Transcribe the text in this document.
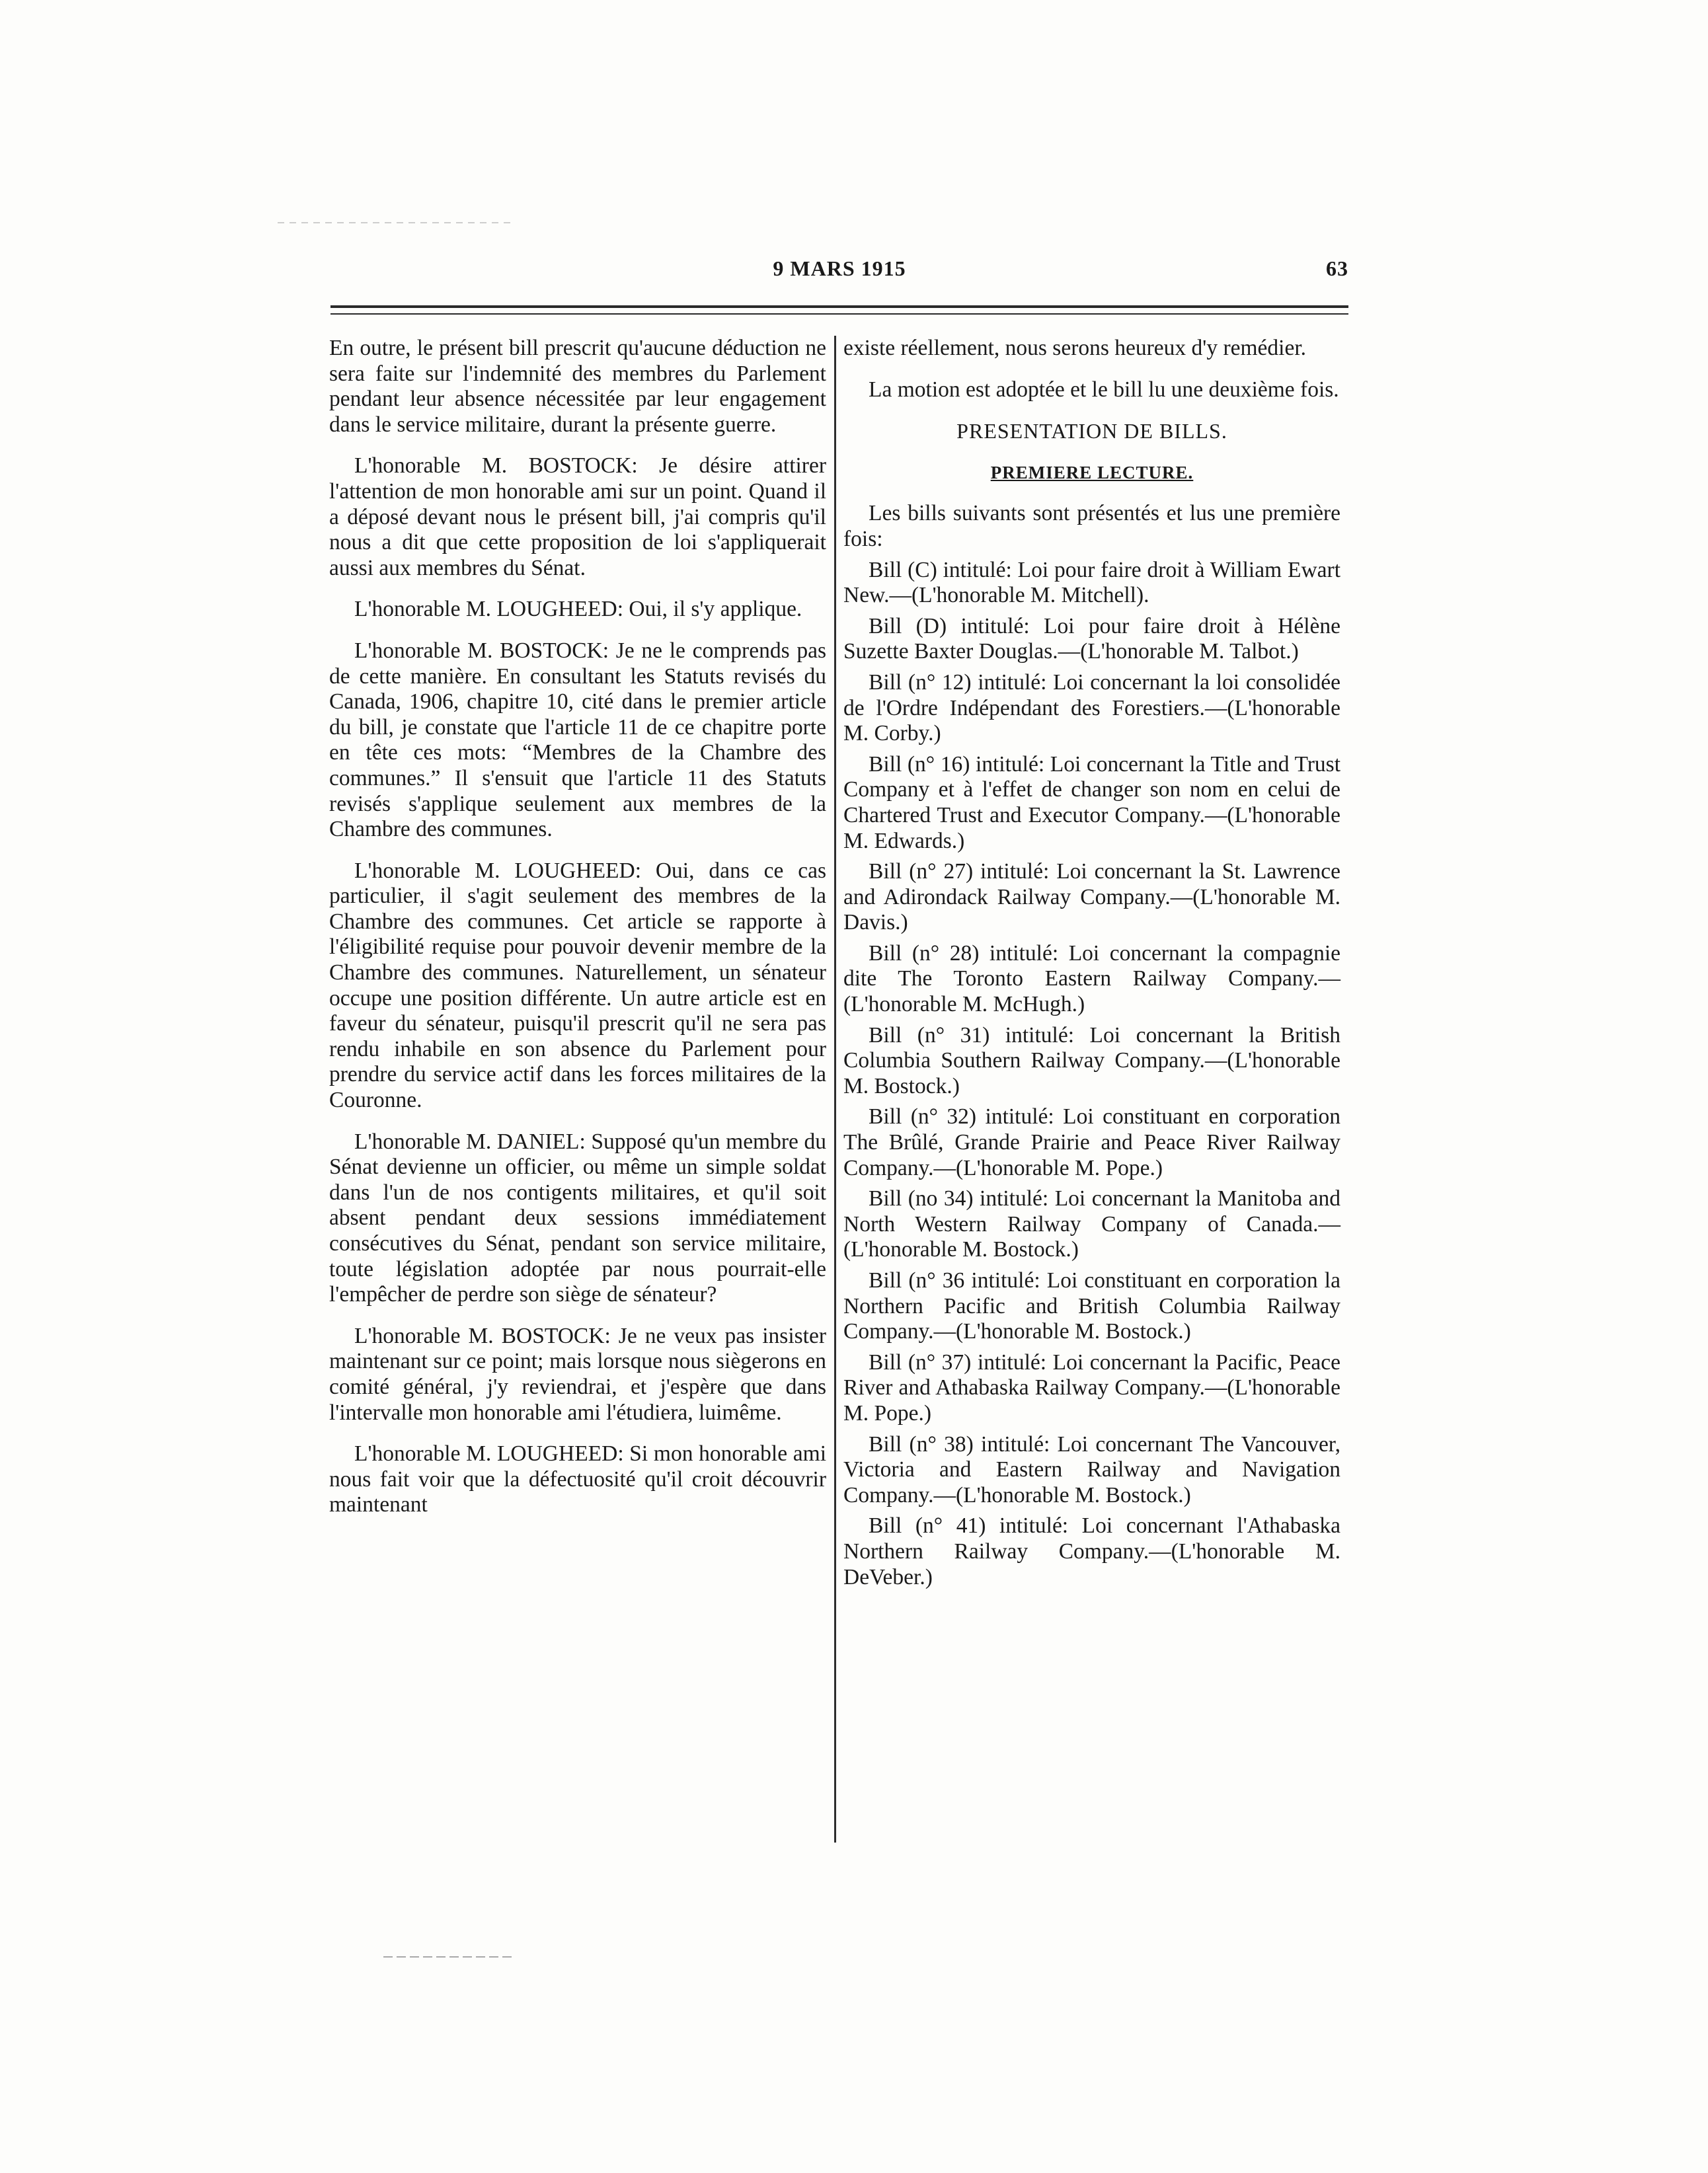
9 MARS 1915	63

En outre, le présent bill prescrit qu'aucune déduction ne sera faite sur l'indemnité des membres du Parlement pendant leur absence nécessitée par leur engagement dans le service militaire, durant la présente guerre.

L'honorable M. BOSTOCK: Je désire attirer l'attention de mon honorable ami sur un point. Quand il a déposé devant nous le présent bill, j'ai compris qu'il nous a dit que cette proposition de loi s'appliquerait aussi aux membres du Sénat.

L'honorable M. LOUGHEED: Oui, il s'y applique.

L'honorable M. BOSTOCK: Je ne le comprends pas de cette manière. En consultant les Statuts revisés du Canada, 1906, chapitre 10, cité dans le premier article du bill, je constate que l'article 11 de ce chapitre porte en tête ces mots: “Membres de la Chambre des communes.” Il s'ensuit que l'article 11 des Statuts revisés s'applique seulement aux membres de la Chambre des communes.

L'honorable M. LOUGHEED: Oui, dans ce cas particulier, il s'agit seulement des membres de la Chambre des communes. Cet article se rapporte à l'éligibilité requise pour pouvoir devenir membre de la Chambre des communes. Naturellement, un sénateur occupe une position différente. Un autre article est en faveur du sénateur, puisqu'il prescrit qu'il ne sera pas rendu inhabile en son absence du Parlement pour prendre du service actif dans les forces militaires de la Couronne.

L'honorable M. DANIEL: Supposé qu'un membre du Sénat devienne un officier, ou même un simple soldat dans l'un de nos contigents militaires, et qu'il soit absent pendant deux sessions immédiatement consécutives du Sénat, pendant son service militaire, toute législation adoptée par nous pourrait-elle l'empêcher de perdre son siège de sénateur?

L'honorable M. BOSTOCK: Je ne veux pas insister maintenant sur ce point; mais lorsque nous siègerons en comité général, j'y reviendrai, et j'espère que dans l'intervalle mon honorable ami l'étudiera, luimême.

L'honorable M. LOUGHEED: Si mon honorable ami nous fait voir que la défectuosité qu'il croit découvrir maintenant

existe réellement, nous serons heureux d'y remédier.

La motion est adoptée et le bill lu une deuxième fois.

PRESENTATION DE BILLS.

PREMIERE LECTURE.

Les bills suivants sont présentés et lus une première fois:

Bill (C) intitulé: Loi pour faire droit à William Ewart New.—(L'honorable M. Mitchell).

Bill (D) intitulé: Loi pour faire droit à Hélène Suzette Baxter Douglas.—(L'honorable M. Talbot.)

Bill (n° 12) intitulé: Loi concernant la loi consolidée de l'Ordre Indépendant des Forestiers.—(L'honorable M. Corby.)

Bill (n° 16) intitulé: Loi concernant la Title and Trust Company et à l'effet de changer son nom en celui de Chartered Trust and Executor Company.—(L'honorable M. Edwards.)

Bill (n° 27) intitulé: Loi concernant la St. Lawrence and Adirondack Railway Company.—(L'honorable M. Davis.)

Bill (n° 28) intitulé: Loi concernant la compagnie dite The Toronto Eastern Railway Company.—(L'honorable M. McHugh.)

Bill (n° 31) intitulé: Loi concernant la British Columbia Southern Railway Company.—(L'honorable M. Bostock.)

Bill (n° 32) intitulé: Loi constituant en corporation The Brûlé, Grande Prairie and Peace River Railway Company.—(L'honorable M. Pope.)

Bill (no 34) intitulé: Loi concernant la Manitoba and North Western Railway Company of Canada.—(L'honorable M. Bostock.)

Bill (n° 36 intitulé: Loi constituant en corporation la Northern Pacific and British Columbia Railway Company.—(L'honorable M. Bostock.)

Bill (n° 37) intitulé: Loi concernant la Pacific, Peace River and Athabaska Railway Company.—(L'honorable M. Pope.)

Bill (n° 38) intitulé: Loi concernant The Vancouver, Victoria and Eastern Railway and Navigation Company.—(L'honorable M. Bostock.)

Bill (n° 41) intitulé: Loi concernant l'Athabaska Northern Railway Company.—(L'honorable M. DeVeber.)
